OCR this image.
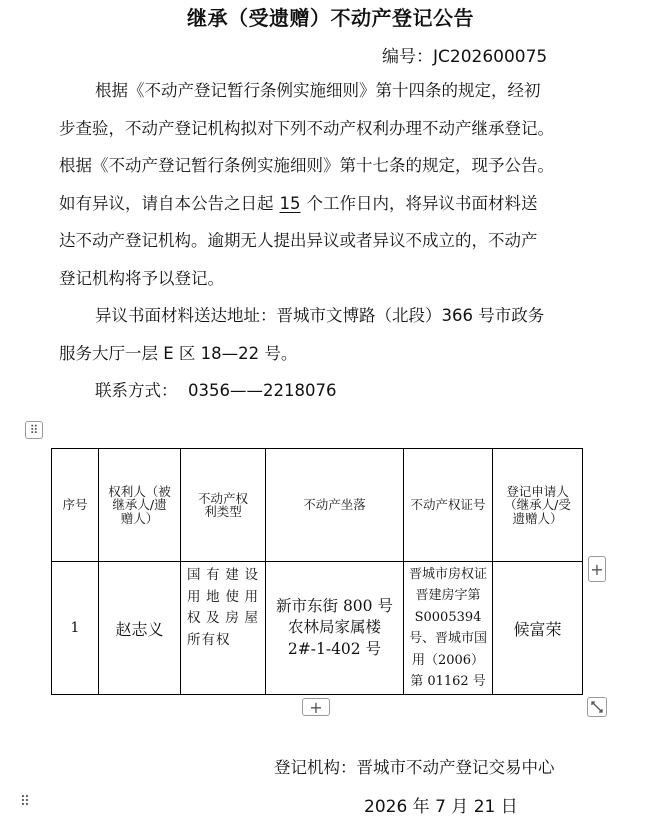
继承（受遗赠）不动产登记公告
编号：JC202600075
根据《不动产登记暂行条例实施细则》第十四条的规定，经初
步查验，不动产登记机构拟对下列不动产权利办理不动产继承登记。
根据《不动产登记暂行条例实施细则》第十七条的规定，现予公告。
如有异议，请自本公告之日起 15 个工作日内，将异议书面材料送
达不动产登记机构。逾期无人提出异议或者异议不成立的，不动产
登记机构将予以登记。
异议书面材料送达地址：晋城市文博路（北段）366 号市政务
服务大厅一层 E 区 18—22 号。
联系方式： 0356——2218076
⠿
序号	权利人（被继承人/遗赠人）	不动产权利类型	不动产坐落	不动产权证号	登记申请人（继承人/受遗赠人）
1	赵志义	国有建设用地使用权及房屋所有权	新市东街 800 号农林局家属楼 2#-1-402 号	晋城市房权证晋建房字第 S0005394 号、晋城市国用（2006）第 01162 号	候富荣
+
+
登记机构：晋城市不动产登记交易中心
⠿	2026 年 7 月 21 日
